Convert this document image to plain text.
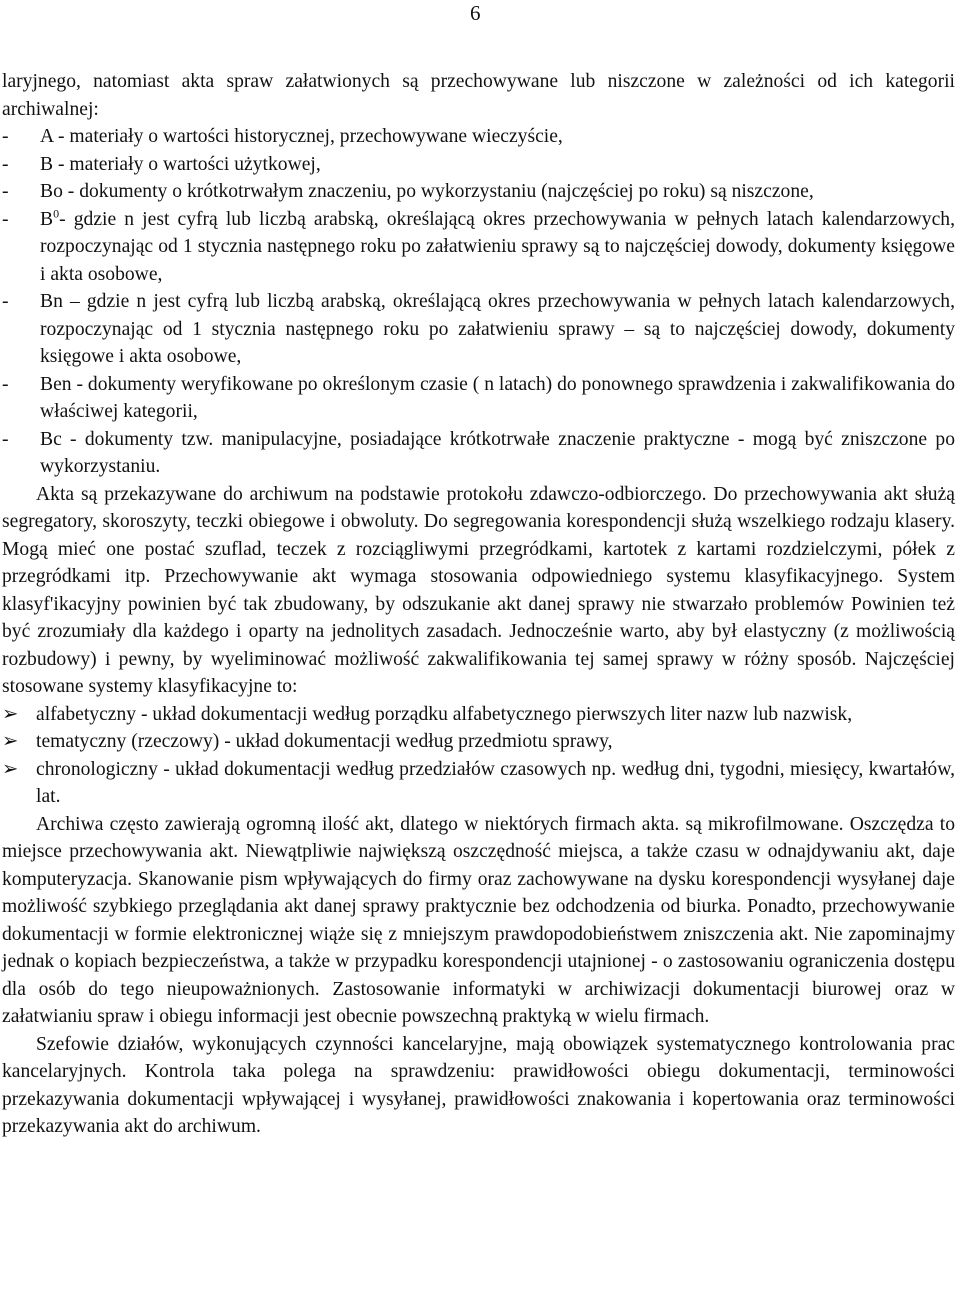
6

laryjnego, natomiast akta spraw załatwionych są przechowywane lub niszczone w zależności od ich kategorii archiwalnej:

-	A - materiały o wartości historycznej, przechowywane wieczyście,
-	B - materiały o wartości użytkowej,
-	Bo - dokumenty o krótkotrwałym znaczeniu, po wykorzystaniu (najczęściej po roku) są niszczone,
-	$B^0-$ gdzie n jest cyfrą lub liczbą arabską, określającą okres przechowywania w pełnych latach kalendarzowych, rozpoczynając od 1 stycznia następnego roku po załatwieniu sprawy są to najczęściej dowody, dokumenty księgowe i akta osobowe,
-	Bn – gdzie n jest cyfrą lub liczbą arabską, określającą okres przechowywania w pełnych latach kalendarzowych, rozpoczynając od 1 stycznia następnego roku po załatwieniu sprawy – są to najczęściej dowody, dokumenty księgowe i akta osobowe,
-	Ben - dokumenty weryfikowane po określonym czasie ( n latach) do ponownego sprawdzenia i zakwalifikowania do właściwej kategorii,
-	Bc - dokumenty tzw. manipulacyjne, posiadające krótkotrwałe znaczenie praktyczne - mogą być zniszczone po wykorzystaniu.

Akta są przekazywane do archiwum na podstawie protokołu zdawczo-odbiorczego. Do przechowywania akt służą segregatory, skoroszyty, teczki obiegowe i obwoluty. Do segregowania korespondencji służą wszelkiego rodzaju klasery. Mogą mieć one postać szuflad, teczek z rozciągliwymi przegródkami, kartotek z kartami rozdzielczymi, półek z przegródkami itp. Przechowywanie akt wymaga stosowania odpowiedniego systemu klasyfikacyjnego. System klasyf'ikacyjny powinien być tak zbudowany, by odszukanie akt danej sprawy nie stwarzało problemów Powinien też być zrozumiały dla każdego i oparty na jednolitych zasadach. Jednocześnie warto, aby był elastyczny (z możliwością rozbudowy) i pewny, by wyeliminować możliwość zakwalifikowania tej samej sprawy w różny sposób. Najczęściej stosowane systemy klasyfikacyjne to:

➢ alfabetyczny - układ dokumentacji według porządku alfabetycznego pierwszych liter nazw lub nazwisk,
➢ tematyczny (rzeczowy) - układ dokumentacji według przedmiotu sprawy,
➢ chronologiczny - układ dokumentacji według przedziałów czasowych np. według dni, tygodni, miesięcy, kwartałów, lat.

Archiwa często zawierają ogromną ilość akt, dlatego w niektórych firmach akta. są mikrofilmowane. Oszczędza to miejsce przechowywania akt. Niewątpliwie największą oszczędność miejsca, a także czasu w odnajdywaniu akt, daje komputeryzacja. Skanowanie pism wpływających do firmy oraz zachowywane na dysku korespondencji wysyłanej daje możliwość szybkiego przeglądania akt danej sprawy praktycznie bez odchodzenia od biurka. Ponadto, przechowywanie dokumentacji w formie elektronicznej wiąże się z mniejszym prawdopodobieństwem zniszczenia akt. Nie zapominajmy jednak o kopiach bezpieczeństwa, a także w przypadku korespondencji utajnionej - o zastosowaniu ograniczenia dostępu dla osób do tego nieupoważnionych. Zastosowanie informatyki w archiwizacji dokumentacji biurowej oraz w załatwianiu spraw i obiegu informacji jest obecnie powszechną praktyką w wielu firmach.

Szefowie działów, wykonujących czynności kancelaryjne, mają obowiązek systematycznego kontrolowania prac kancelaryjnych. Kontrola taka polega na sprawdzeniu: prawidłowości obiegu dokumentacji, terminowości przekazywania dokumentacji wpływającej i wysyłanej, prawidłowości znakowania i kopertowania oraz terminowości przekazywania akt do archiwum.
